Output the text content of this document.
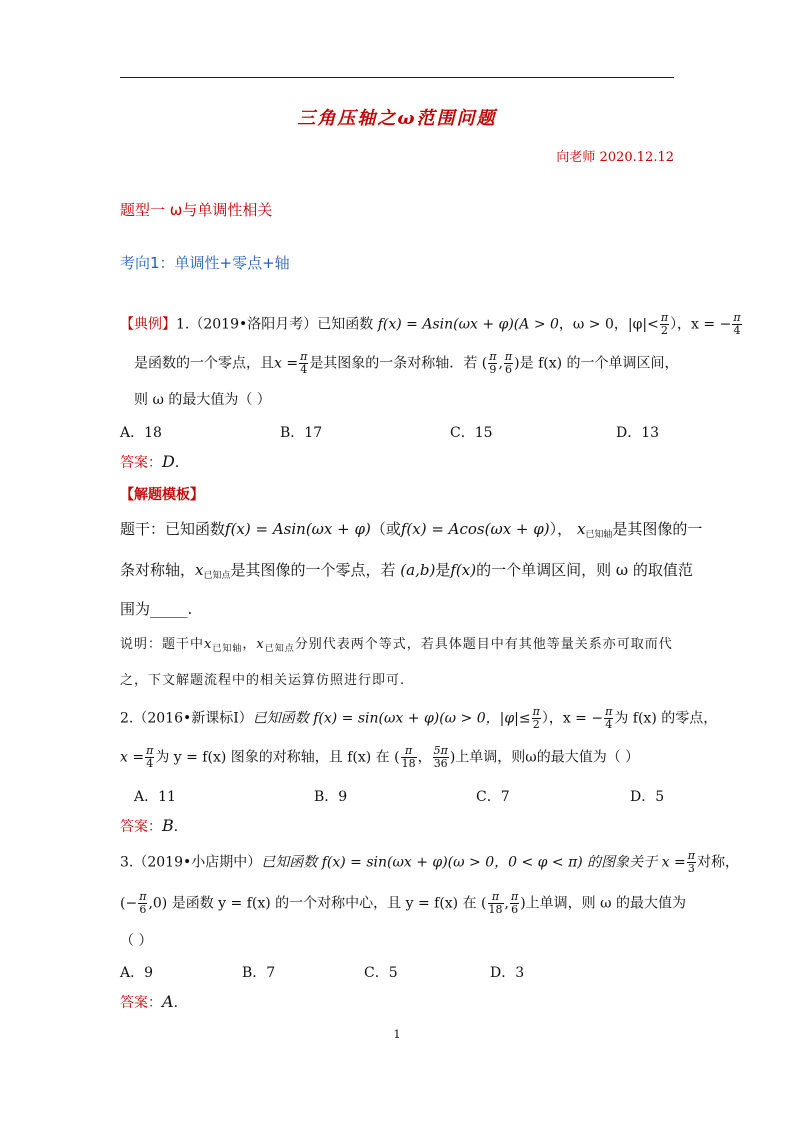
三角压轴之ω范围问题
向老师 2020.12.12
题型一 ω与单调性相关
考向1：单调性+零点+轴
【典例】1.（2019•洛阳月考）已知函数 f(x) = Asin(ωx + φ)(A > 0，ω > 0，$|\varphi|< \frac{\pi}{2}$ ），x = − $\frac{\pi}{4}$
是函数的一个零点，且$x = \frac{\pi}{4}$ 是其图象的一条对称轴．若 ( $\frac{\pi}{9}$ , $\frac{\pi}{6}$ )是 f(x) 的一个单调区间，
则 ω 的最大值为（ ）
A．18	B．17	C．15	D．13
答案：D．
【解题模板】
题干：已知函数f(x) = Asin(ωx + φ)（或f(x) = Acos(ωx + φ)）， $x_{已知轴}$是其图像的一
条对称轴，$x_{已知点}$是其图像的一个零点，若 (a,b)是f(x)的一个单调区间，则 ω 的取值范
围为_____.
说明：题干中$x_{已知轴}$，$x_{已知点}$分别代表两个等式，若具体题目中有其他等量关系亦可取而代
之，下文解题流程中的相关运算仿照进行即可.
2.（2016•新课标Ⅰ）已知函数 f(x) = sin(ωx + φ)(ω > 0，$|\varphi|\le \frac{\pi}{2}$ ），x = − $\frac{\pi}{4}$ 为 f(x) 的零点，
$x = \frac{\pi}{4}$ 为 y = f(x) 图象的对称轴，且 f(x) 在 ( $\frac{\pi}{18}$ ， $\frac{5\pi}{36}$ )上单调，则ω的最大值为（ ）
A．11	B．9	C．7	D．5
答案：B．
3.（2019•小店期中）已知函数 f(x) = sin(ωx + φ)(ω > 0，0 < φ < π) 的图象关于 $x = \frac{\pi}{3}$ 对称，
(− $\frac{\pi}{6} ,0$) 是函数 y = f(x) 的一个对称中心，且 y = f(x) 在 ( $\frac{\pi}{18}$ , $\frac{\pi}{6}$ )上单调，则 ω 的最大值为
（ ）
A．9	B．7	C．5	D．3
答案：A．
1
